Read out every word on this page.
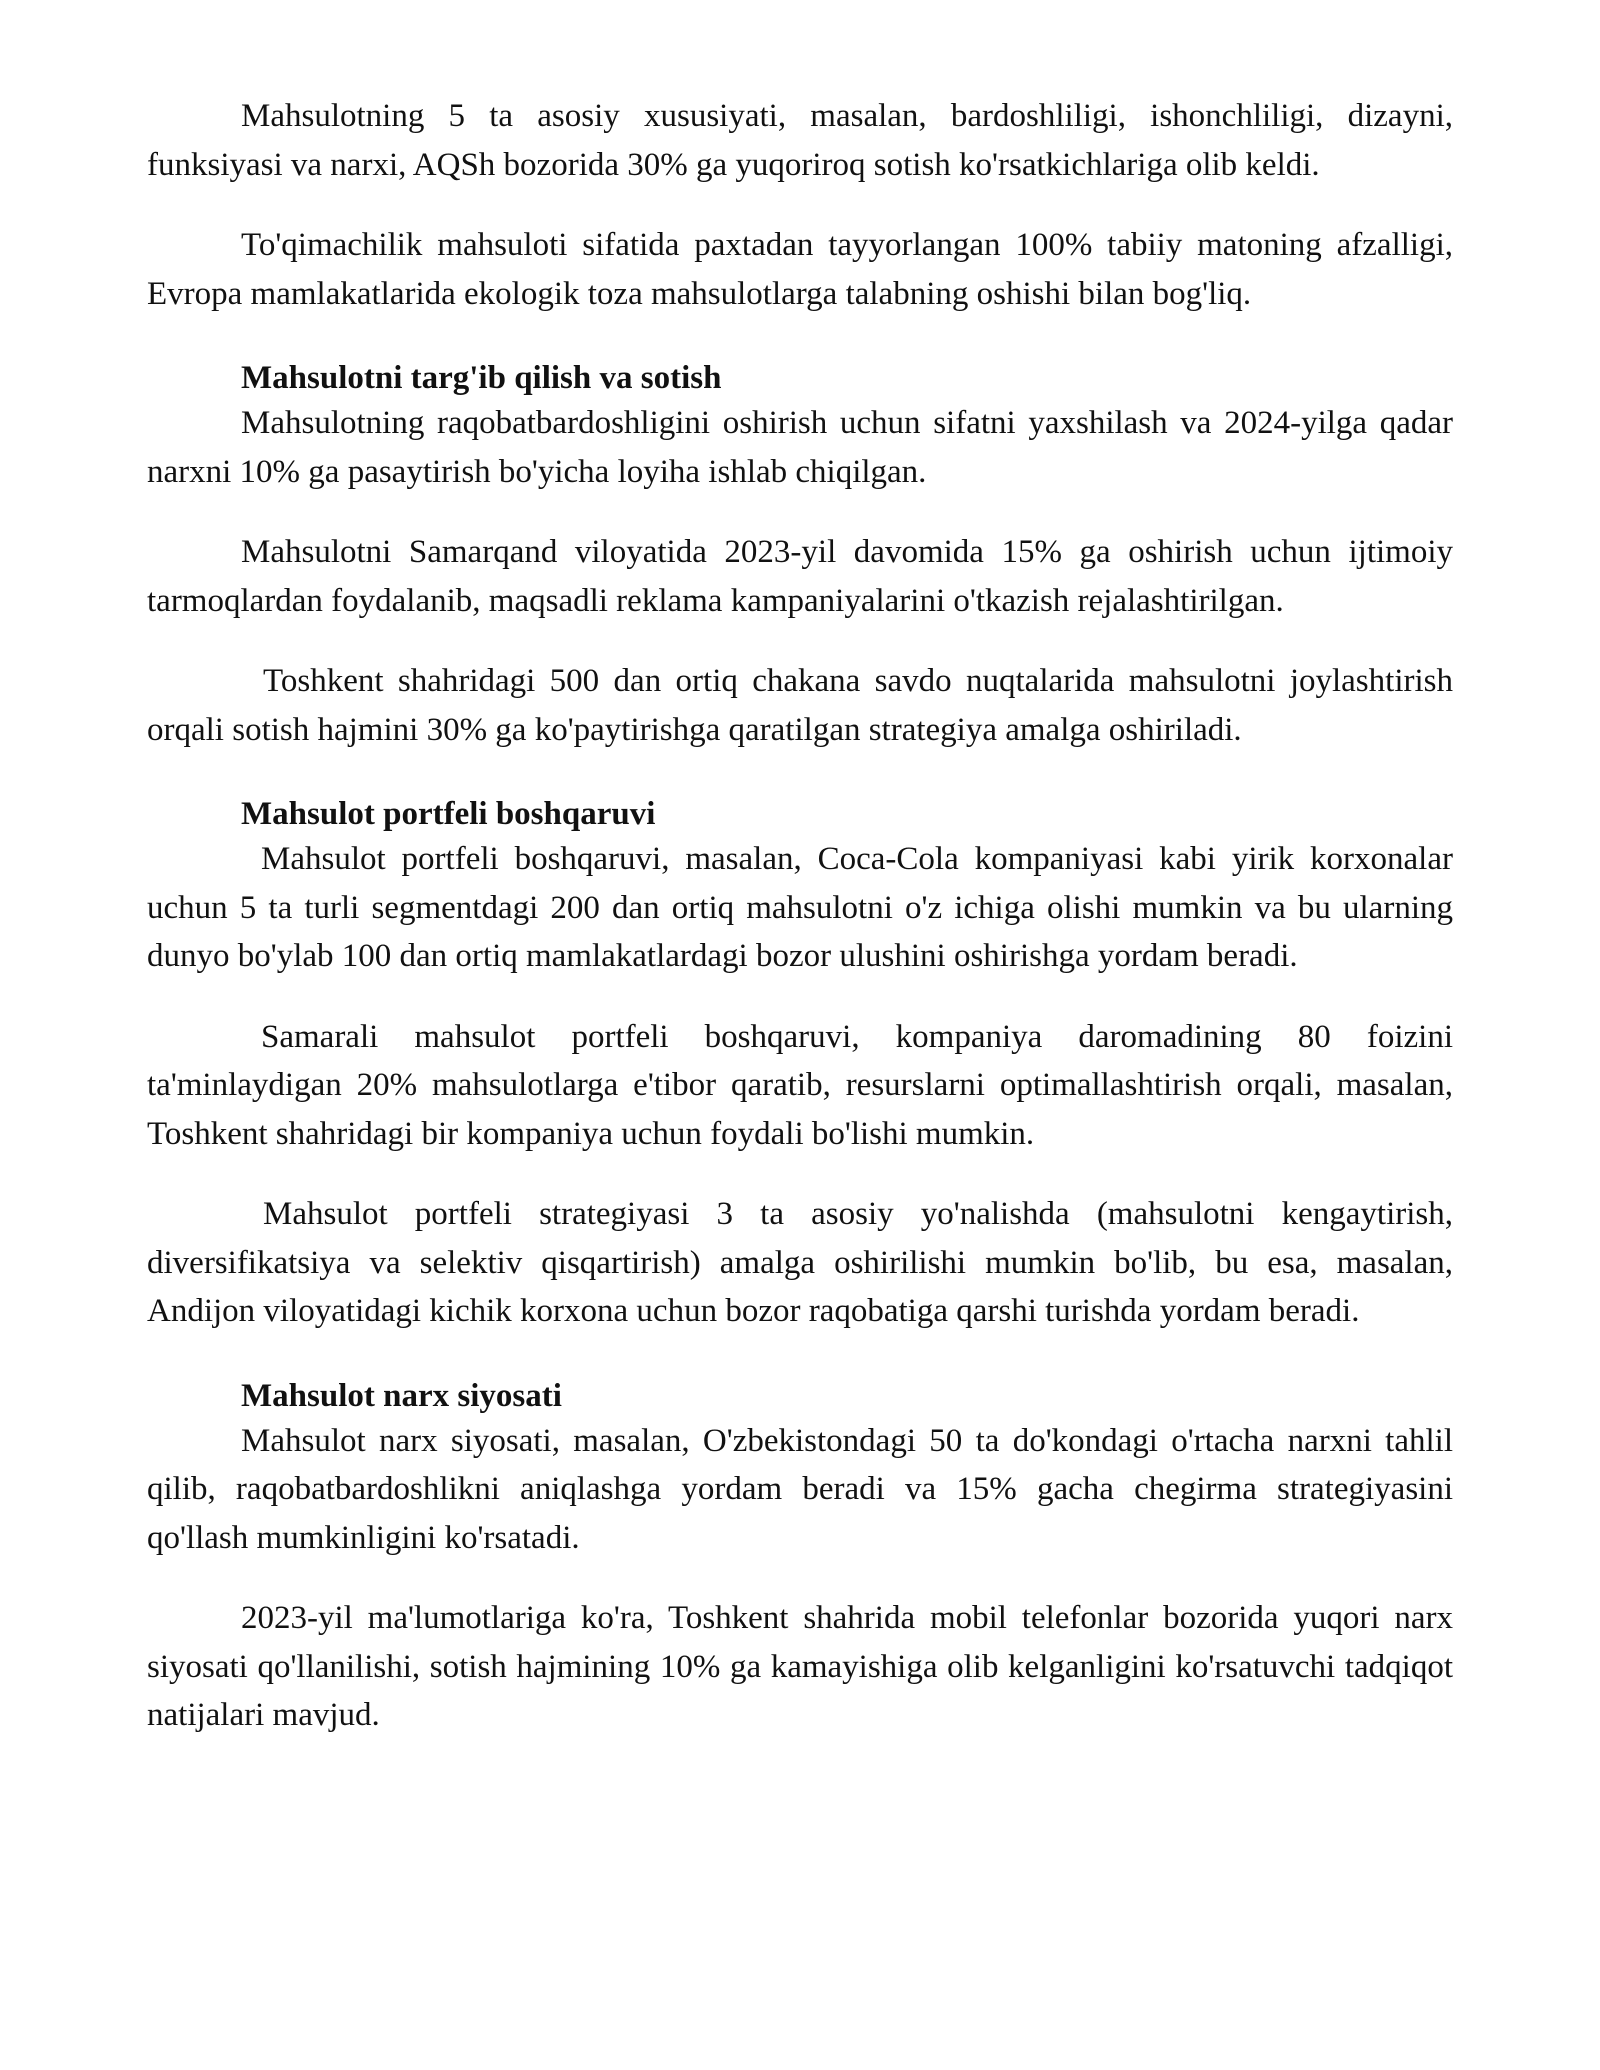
Mahsulotning 5 ta asosiy xususiyati, masalan, bardoshliligi, ishonchliligi, dizayni, funksiyasi va narxi, AQSh bozorida 30% ga yuqoriroq sotish ko'rsatkichlariga olib keldi.

To'qimachilik mahsuloti sifatida paxtadan tayyorlangan 100% tabiiy matoning afzalligi, Evropa mamlakatlarida ekologik toza mahsulotlarga talabning oshishi bilan bog'liq.

Mahsulotni targ'ib qilish va sotish

Mahsulotning raqobatbardoshligini oshirish uchun sifatni yaxshilash va 2024-yilga qadar narxni 10% ga pasaytirish bo'yicha loyiha ishlab chiqilgan.

Mahsulotni Samarqand viloyatida 2023-yil davomida 15% ga oshirish uchun ijtimoiy tarmoqlardan foydalanib, maqsadli reklama kampaniyalarini o'tkazish rejalashtirilgan.

Toshkent shahridagi 500 dan ortiq chakana savdo nuqtalarida mahsulotni joylashtirish orqali sotish hajmini 30% ga ko'paytirishga qaratilgan strategiya amalga oshiriladi.

Mahsulot portfeli boshqaruvi

Mahsulot portfeli boshqaruvi, masalan, Coca-Cola kompaniyasi kabi yirik korxonalar uchun 5 ta turli segmentdagi 200 dan ortiq mahsulotni o'z ichiga olishi mumkin va bu ularning dunyo bo'ylab 100 dan ortiq mamlakatlardagi bozor ulushini oshirishga yordam beradi.

Samarali mahsulot portfeli boshqaruvi, kompaniya daromadining 80 foizini ta'minlaydigan 20% mahsulotlarga e'tibor qaratib, resurslarni optimallashtirish orqali, masalan, Toshkent shahridagi bir kompaniya uchun foydali bo'lishi mumkin.

Mahsulot portfeli strategiyasi 3 ta asosiy yo'nalishda (mahsulotni kengaytirish, diversifikatsiya va selektiv qisqartirish) amalga oshirilishi mumkin bo'lib, bu esa, masalan, Andijon viloyatidagi kichik korxona uchun bozor raqobatiga qarshi turishda yordam beradi.

Mahsulot narx siyosati

Mahsulot narx siyosati, masalan, O'zbekistondagi 50 ta do'kondagi o'rtacha narxni tahlil qilib, raqobatbardoshlikni aniqlashga yordam beradi va 15% gacha chegirma strategiyasini qo'llash mumkinligini ko'rsatadi.

2023-yil ma'lumotlariga ko'ra, Toshkent shahrida mobil telefonlar bozorida yuqori narx siyosati qo'llanilishi, sotish hajmining 10% ga kamayishiga olib kelganligini ko'rsatuvchi tadqiqot natijalari mavjud.
